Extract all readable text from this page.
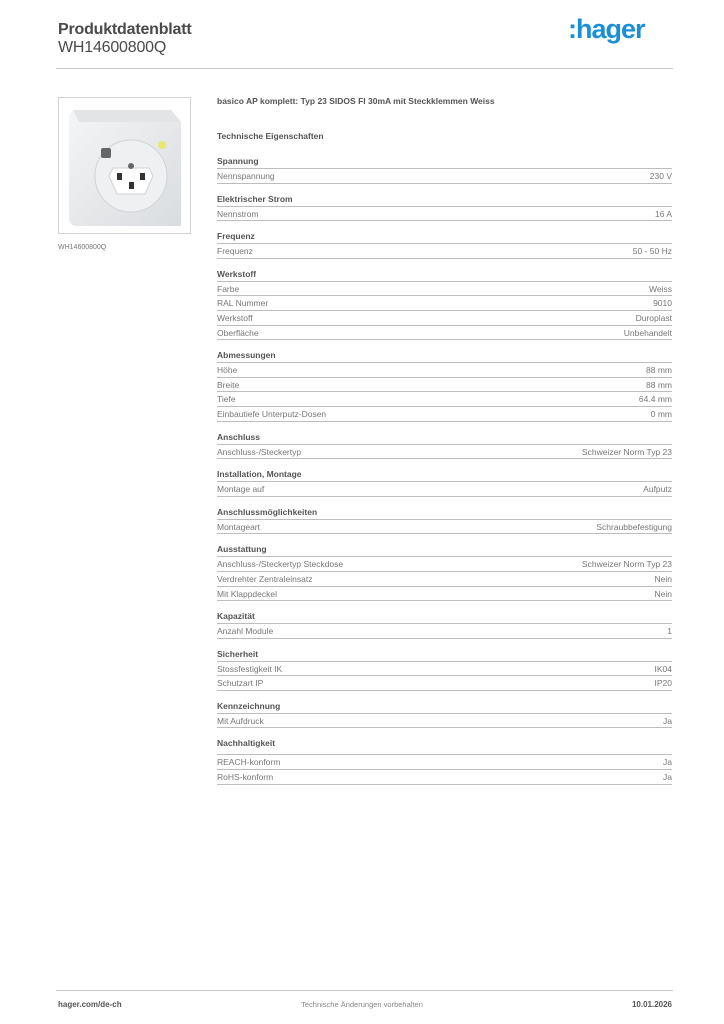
Produktdatenblatt
WH14600800Q
:hager
WH14600800Q
basico AP komplett: Typ 23 SIDOS FI 30mA mit Steckklemmen Weiss
Technische Eigenschaften
Spannung
Nennspannung	230 V
Elektrischer Strom
Nennstrom	16 A
Frequenz
Frequenz	50 - 50 Hz
Werkstoff
Farbe	Weiss
RAL Nummer	9010
Werkstoff	Duroplast
Oberfläche	Unbehandelt
Abmessungen
Höhe	88 mm
Breite	88 mm
Tiefe	64.4 mm
Einbautiefe Unterputz-Dosen	0 mm
Anschluss
Anschluss-/Steckertyp	Schweizer Norm Typ 23
Installation, Montage
Montage auf	Aufputz
Anschlussmöglichkeiten
Montageart	Schraubbefestigung
Ausstattung
Anschluss-/Steckertyp Steckdose	Schweizer Norm Typ 23
Verdrehter Zentraleinsatz	Nein
Mit Klappdeckel	Nein
Kapazität
Anzahl Module	1
Sicherheit
Stossfestigkeit IK	IK04
Schutzart IP	IP20
Kennzeichnung
Mit Aufdruck	Ja
Nachhaltigkeit
REACH-konform	Ja
RoHS-konform	Ja
hager.com/de-ch	Technische Änderungen vorbehalten	10.01.2026
